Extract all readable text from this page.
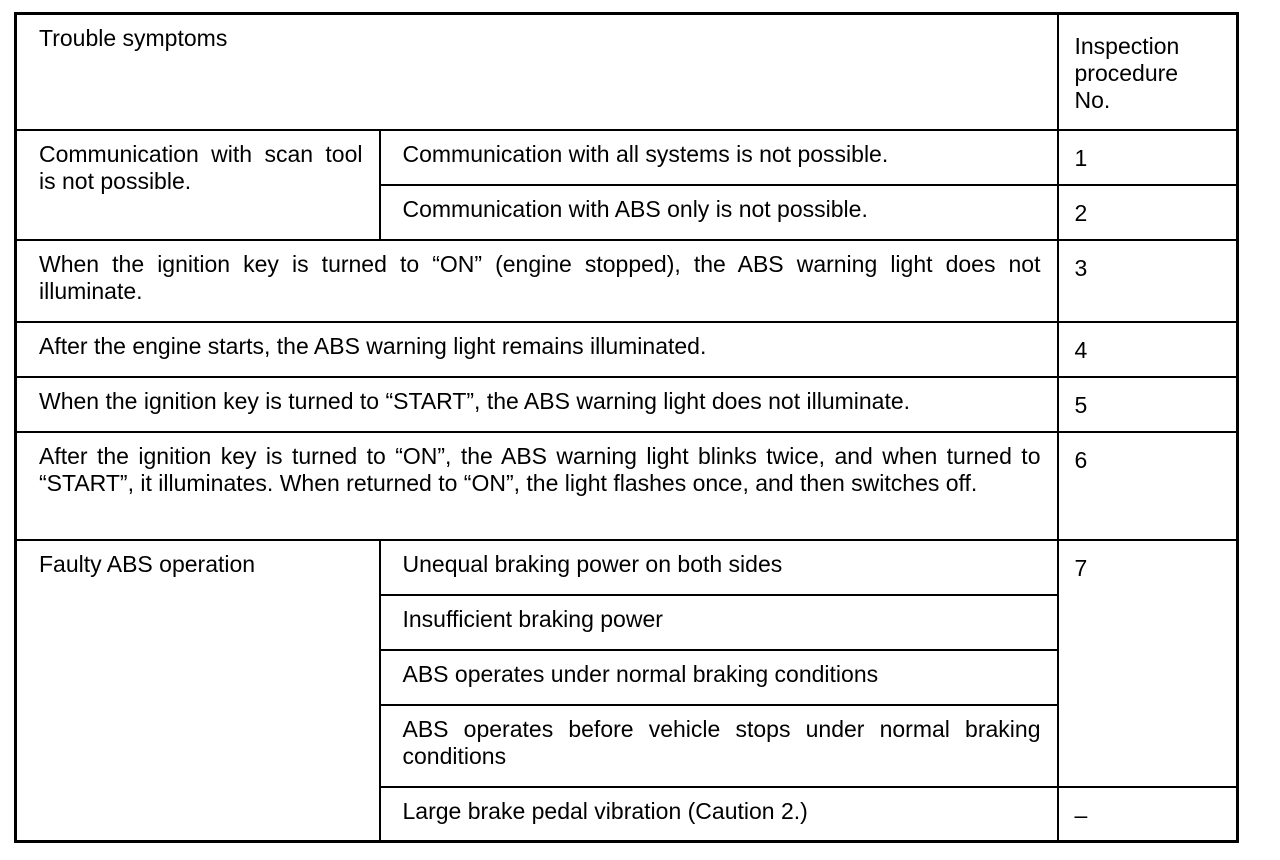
Trouble symptoms		Inspection procedure No.
Communication with scan tool is not possible.	Communication with all systems is not possible.	1
	Communication with ABS only is not possible.	2
When the ignition key is turned to “ON” (engine stopped), the ABS warning light does not illuminate.		3
After the engine starts, the ABS warning light remains illuminated.		4
When the ignition key is turned to “START”, the ABS warning light does not illuminate.		5
After the ignition key is turned to “ON”, the ABS warning light blinks twice, and when turned to “START”, it illuminates. When returned to “ON”, the light flashes once, and then switches off.		6
Faulty ABS operation	Unequal braking power on both sides	7
	Insufficient braking power	
	ABS operates under normal braking conditions	
	ABS operates before vehicle stops under normal braking conditions	
	Large brake pedal vibration (Caution 2.)	–
